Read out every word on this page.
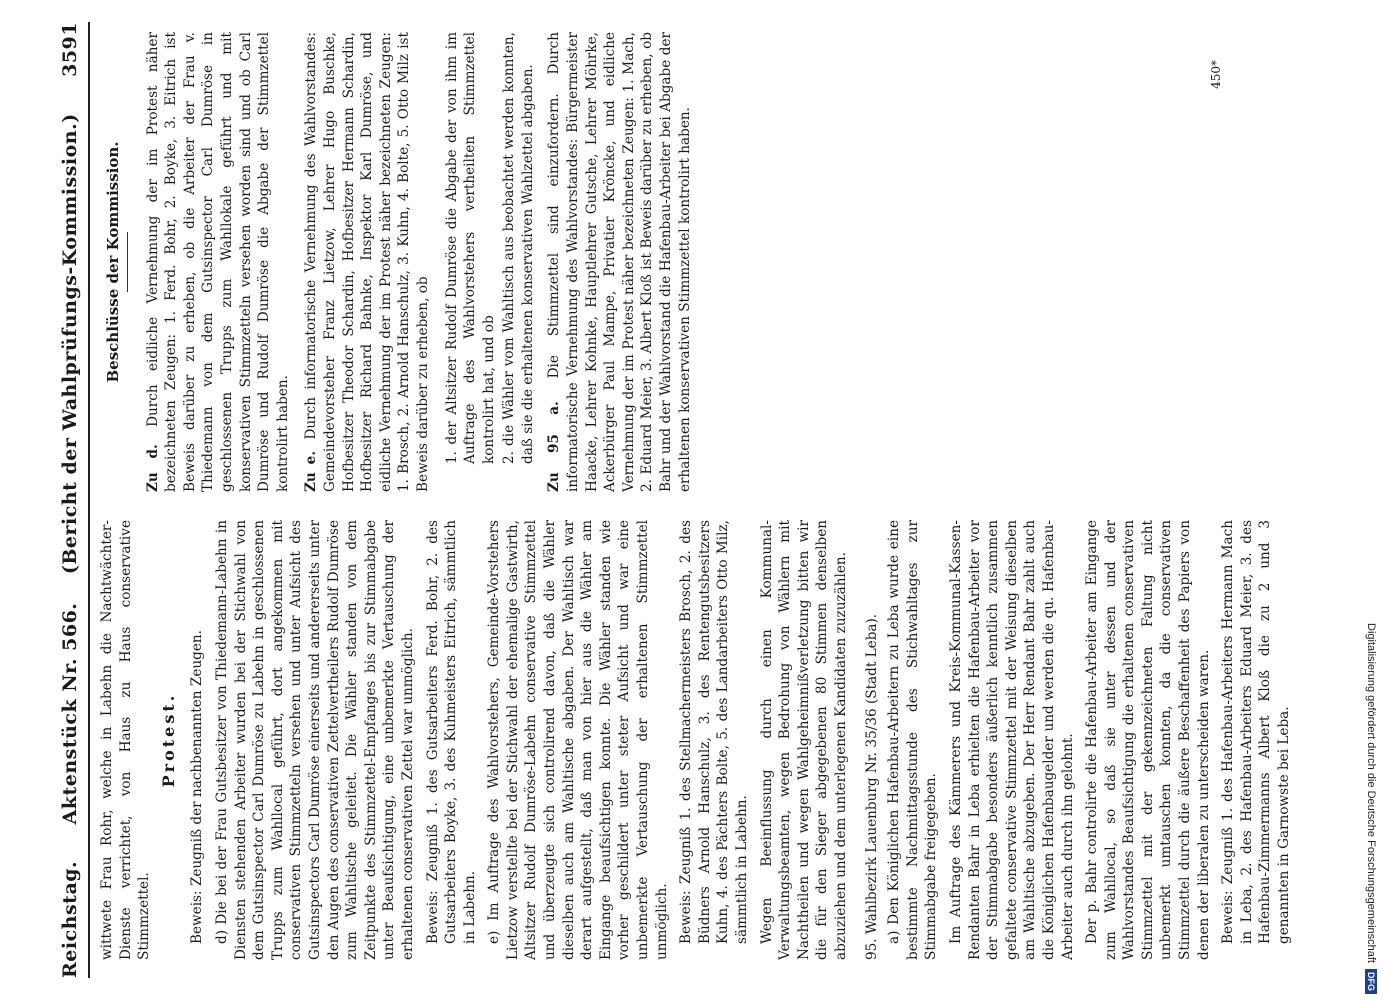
Reichstag.
Aktenstück Nr. 566.    (Bericht der Wahlprüfungs-Kommission.)
3591

wittwete Frau Rohr, welche in Labehn die Nachtwächter-Dienste verrichtet, von Haus zu Haus conservative Stimmzettel.

Protest. Beweis: Zeugniß der nachbenannten Zeugen. d) Die bei der Frau Gutsbesitzer von Thiedemann-Labehn in Diensten stehenden Arbeiter wurden bei der Stichwahl von dem Gutsinspector Carl Dumröse zu Labehn in geschlossenen Trupps zum Wahllocal geführt, dort angekommen mit conservativen Stimmzetteln versehen und unter Aufsicht des Gutsinspectors Carl Dumröse einerseits und andererseits unter den Augen des conservativen Zettelvertheilers Rudolf Dumröse zum Wahltische geleitet. Die Wähler standen von dem Zeitpunkte des Stimmzettel-Empfanges bis zur Stimmabgabe unter Beaufsichtigung, eine unbemerkte Vertauschung der erhaltenen conservativen Zettel war unmöglich. Beweis: Zeugniß 1. des Gutsarbeiters Ferd. Bohr, 2. des Gutsarbeiters Boyke, 3. des Kuhmeisters Eitrich, sämmtlich in Labehn. e) Im Auftrage des Wahlvorstehers, Gemeinde-Vorstehers Lietzow verstellte bei der Stichwahl der ehemalige Gastwirth, Altsitzer Rudolf Dumröse-Labehn conservative Stimmzettel und überzeugte sich controlirend davon, daß die Wähler dieselben auch am Wahltische abgaben. Der Wahltisch war derart aufgestellt, daß man von hier aus die Wähler am Eingange beaufsichtigen konnte. Die Wähler standen wie vorher geschildert unter steter Aufsicht und war eine unbemerkte Vertauschung der erhaltenen Stimmzettel unmöglich. Beweis: Zeugniß 1. des Stellmachermeisters Brosch, 2. des Büdners Arnold Hanschulz, 3. des Rentengutsbesitzers Kuhn, 4. des Pächters Bolte, 5. des Landarbeiters Otto Milz, sämmtlich in Labehn. Wegen Beeinflussung durch einen Kommunal-Verwaltungsbeamten, wegen Bedrohung von Wählern mit Nachtheilen und wegen Wahlgeheimnißverletzung bitten wir die für den Sieger abgegebenen 80 Stimmen denselben abzuziehen und dem unterlegenen Kandidaten zuzuzählen. 95. Wahlbezirk Lauenburg Nr. 35/36 (Stadt Leba). a) Den Königlichen Hafenbau-Arbeitern zu Leba wurde eine bestimmte Nachmittagsstunde des Stichwahltages zur Stimmabgabe freigegeben. Im Auftrage des Kämmerers und Kreis-Kommunal-Kassen-Rendanten Bahr in Leba erhielten die Hafenbau-Arbeiter vor der Stimmabgabe besonders äußerlich kenntlich zusammen gefaltete conservative Stimmzettel mit der Weisung dieselben am Wahltische abzugeben. Der Herr Rendant Bahr zahlt auch die Königlichen Hafenbaugelder und werden die qu. Hafenbau-Arbeiter auch durch ihn gelohnt. Der p. Bahr controlirte die Hafenbau-Arbeiter am Eingange zum Wahllocal, so daß sie unter dessen und der Wahlvorstandes Beaufsichtigung die erhaltenen conservativen Stimmzettel mit der gekennzeichneten Faltung nicht unbemerkt umtauschen konnten, da die conservativen Stimmzettel durch die äußere Beschaffenheit des Papiers von denen der liberalen zu unterscheiden waren. Beweis: Zeugniß 1. des Hafenbau-Arbeiters Hermann Mach in Leba, 2. des Hafenbau-Arbeiters Eduard Meier, 3. des Hafenbau-Zimmermanns Albert Kloß die zu 2 und 3 genannten in Garnowste bei Leba.

Beschlüsse der Kommission.

Zu d. Durch eidliche Vernehmung der im Protest näher bezeichneten Zeugen: 1. Ferd. Bohr, 2. Boyke, 3. Eitrich ist Beweis darüber zu erheben, ob die Arbeiter der Frau v. Thiedemann von dem Gutsinspector Carl Dumröse in geschlossenen Trupps zum Wahllokale geführt und mit konservativen Stimmzetteln versehen worden sind und ob Carl Dumröse und Rudolf Dumröse die Abgabe der Stimmzettel kontrolirt haben. Zu e. Durch informatorische Vernehmung des Wahlvorstandes: Gemeindevorsteher Franz Lietzow, Lehrer Hugo Buschke, Hofbesitzer Theodor Schardin, Hofbesitzer Hermann Schardin, Hofbesitzer Richard Bahnke, Inspektor Karl Dumröse, und eidliche Vernehmung der im Protest näher bezeichneten Zeugen: 1. Brosch, 2. Arnold Hanschulz, 3. Kuhn, 4. Bolte, 5. Otto Milz ist Beweis darüber zu erheben, ob 1. der Altsitzer Rudolf Dumröse die Abgabe der von ihm im Auftrage des Wahlvorstehers vertheilten Stimmzettel kontrolirt hat, und ob 2. die Wähler vom Wahltisch aus beobachtet werden konnten, daß sie die erhaltenen konservativen Wahlzettel abgaben. Zu 95 a. Die Stimmzettel sind einzufordern. Durch informatorische Vernehmung des Wahlvorstandes: Bürgermeister Haacke, Lehrer Kohnke, Hauptlehrer Gutsche, Lehrer Möhrke, Ackerbürger Paul Mampe, Privatier Kröncke, und eidliche Vernehmung der im Protest näher bezeichneten Zeugen: 1. Mach, 2. Eduard Meier, 3. Albert Kloß ist Beweis darüber zu erheben, ob Bahr und der Wahlvorstand die Hafenbau-Arbeiter bei Abgabe der erhaltenen konservativen Stimmzettel kontrolirt haben.

450*
Digitalisierung gefördert durch die Deutsche Forschungsgemeinschaft
DFG
